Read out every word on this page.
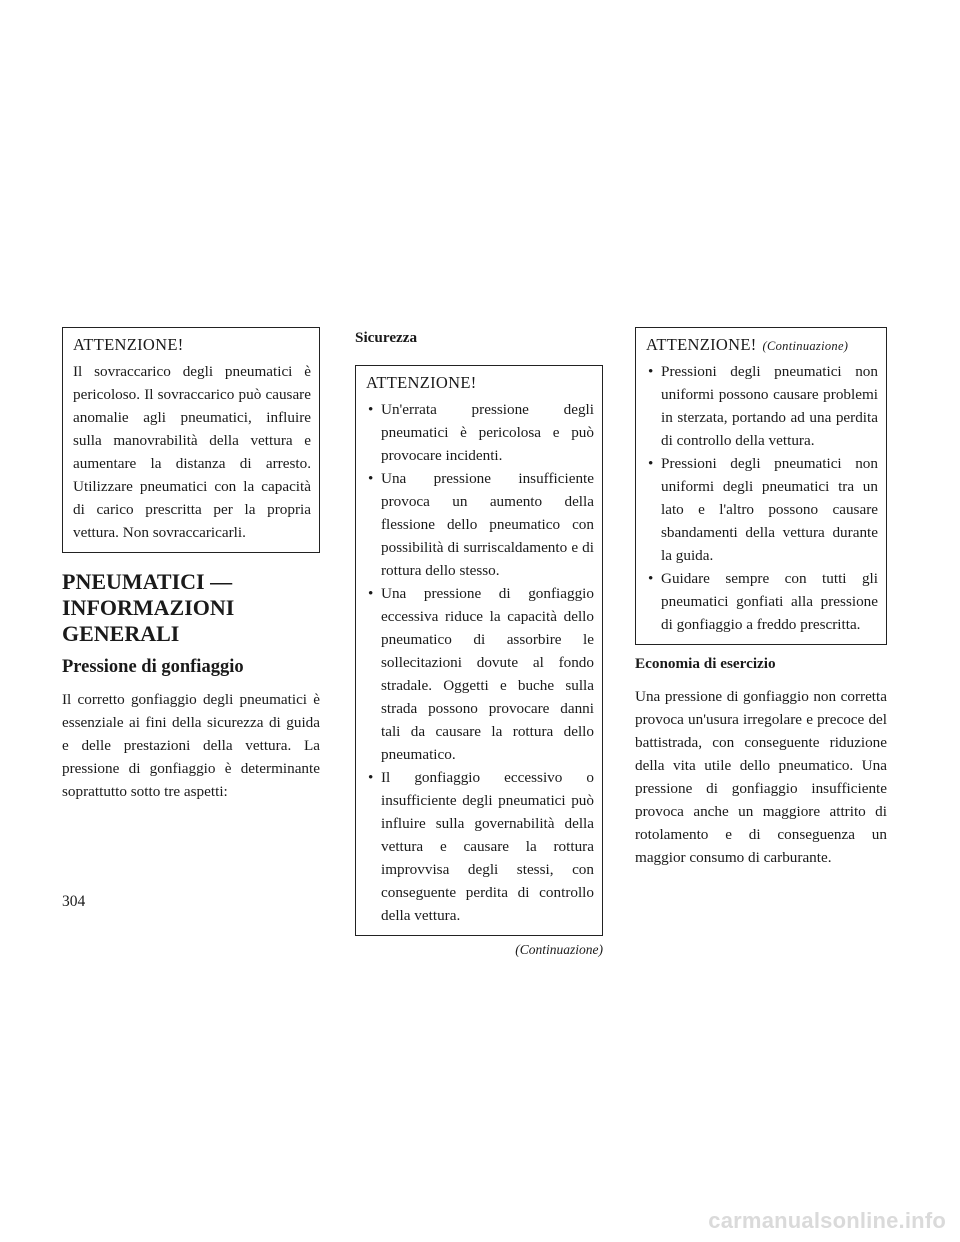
ATTENZIONE!

Il sovraccarico degli pneumatici è pericoloso. Il sovraccarico può causare anomalie agli pneumatici, influire sulla manovrabilità della vettura e aumentare la distanza di arresto. Utilizzare pneumatici con la capacità di carico prescritta per la propria vettura. Non sovraccaricarli.

PNEUMATICI —
INFORMAZIONI
GENERALI
Pressione di gonfiaggio

Il corretto gonfiaggio degli pneumatici è essenziale ai fini della sicurezza di guida e delle prestazioni della vettura. La pressione di gonfiaggio è determinante soprattutto sotto tre aspetti:

Sicurezza
ATTENZIONE!
• Un'errata pressione degli pneumatici è pericolosa e può provocare incidenti.
• Una pressione insufficiente provoca un aumento della flessione dello pneumatico con possibilità di surriscaldamento e di rottura dello stesso.
• Una pressione di gonfiaggio eccessiva riduce la capacità dello pneumatico di assorbire le sollecitazioni dovute al fondo stradale. Oggetti e buche sulla strada possono provocare danni tali da causare la rottura dello pneumatico.
• Il gonfiaggio eccessivo o insufficiente degli pneumatici può influire sulla governabilità della vettura e causare la rottura improvvisa degli stessi, con conseguente perdita di controllo della vettura.
(Continuazione)
ATTENZIONE! (Continuazione)
• Pressioni degli pneumatici non uniformi possono causare problemi in sterzata, portando ad una perdita di controllo della vettura.
• Pressioni degli pneumatici non uniformi degli pneumatici tra un lato e l'altro possono causare sbandamenti della vettura durante la guida.
• Guidare sempre con tutti gli pneumatici gonfiati alla pressione di gonfiaggio a freddo prescritta.
Economia di esercizio

Una pressione di gonfiaggio non corretta provoca un'usura irregolare e precoce del battistrada, con conseguente riduzione della vita utile dello pneumatico. Una pressione di gonfiaggio insufficiente provoca anche un maggiore attrito di rotolamento e di conseguenza un maggior consumo di carburante.

304
carmanualsonline.info
